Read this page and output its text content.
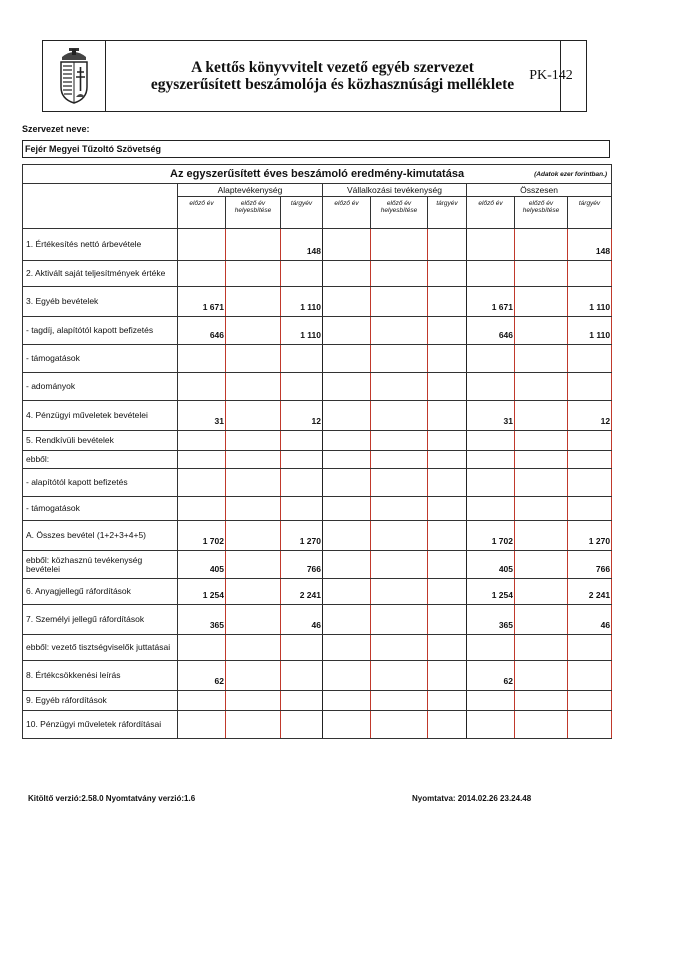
A kettős könyvvitelt vezető egyéb szervezet
egyszerűsített beszámolója és közhasznúsági melléklete
PK-142
Szervezet neve:
Fejér Megyei Tűzoltó Szövetség
Az egyszerűsített éves beszámoló eredmény-kimutatása (Adatok ezer forintban.)									

	Alaptevékenység			Vállalkozási tevékenység			Összesen		
	előző év	előző év helyesbítése	tárgyév	előző év	előző év helyesbítése	tárgyév	előző év	előző év helyesbítése	tárgyév
1. Értékesítés nettó árbevétele			148						148
2. Aktivált saját teljesítmények értéke									
3. Egyéb bevételek	1 671		1 110				1 671		1 110
- tagdíj, alapítótól kapott befizetés	646		1 110				646		1 110
- támogatások									
- adományok									
4. Pénzügyi műveletek bevételei	31		12				31		12
5. Rendkívüli bevételek									
ebből:									
- alapítótól kapott befizetés									
- támogatások									
A. Összes bevétel (1+2+3+4+5)	1 702		1 270				1 702		1 270
ebből: közhasznú tevékenység bevételei	405		766				405		766
6. Anyagjellegű ráfordítások	1 254		2 241				1 254		2 241
7. Személyi jellegű ráfordítások	365		46				365		46
ebből: vezető tisztségviselők juttatásai									
8. Értékcsökkenési leírás	62						62		
9. Egyéb ráfordítások									
10. Pénzügyi műveletek ráfordításai									
Kitöltő verzió:2.58.0 Nyomtatvány verzió:1.6	Nyomtatva: 2014.02.26 23.24.48
